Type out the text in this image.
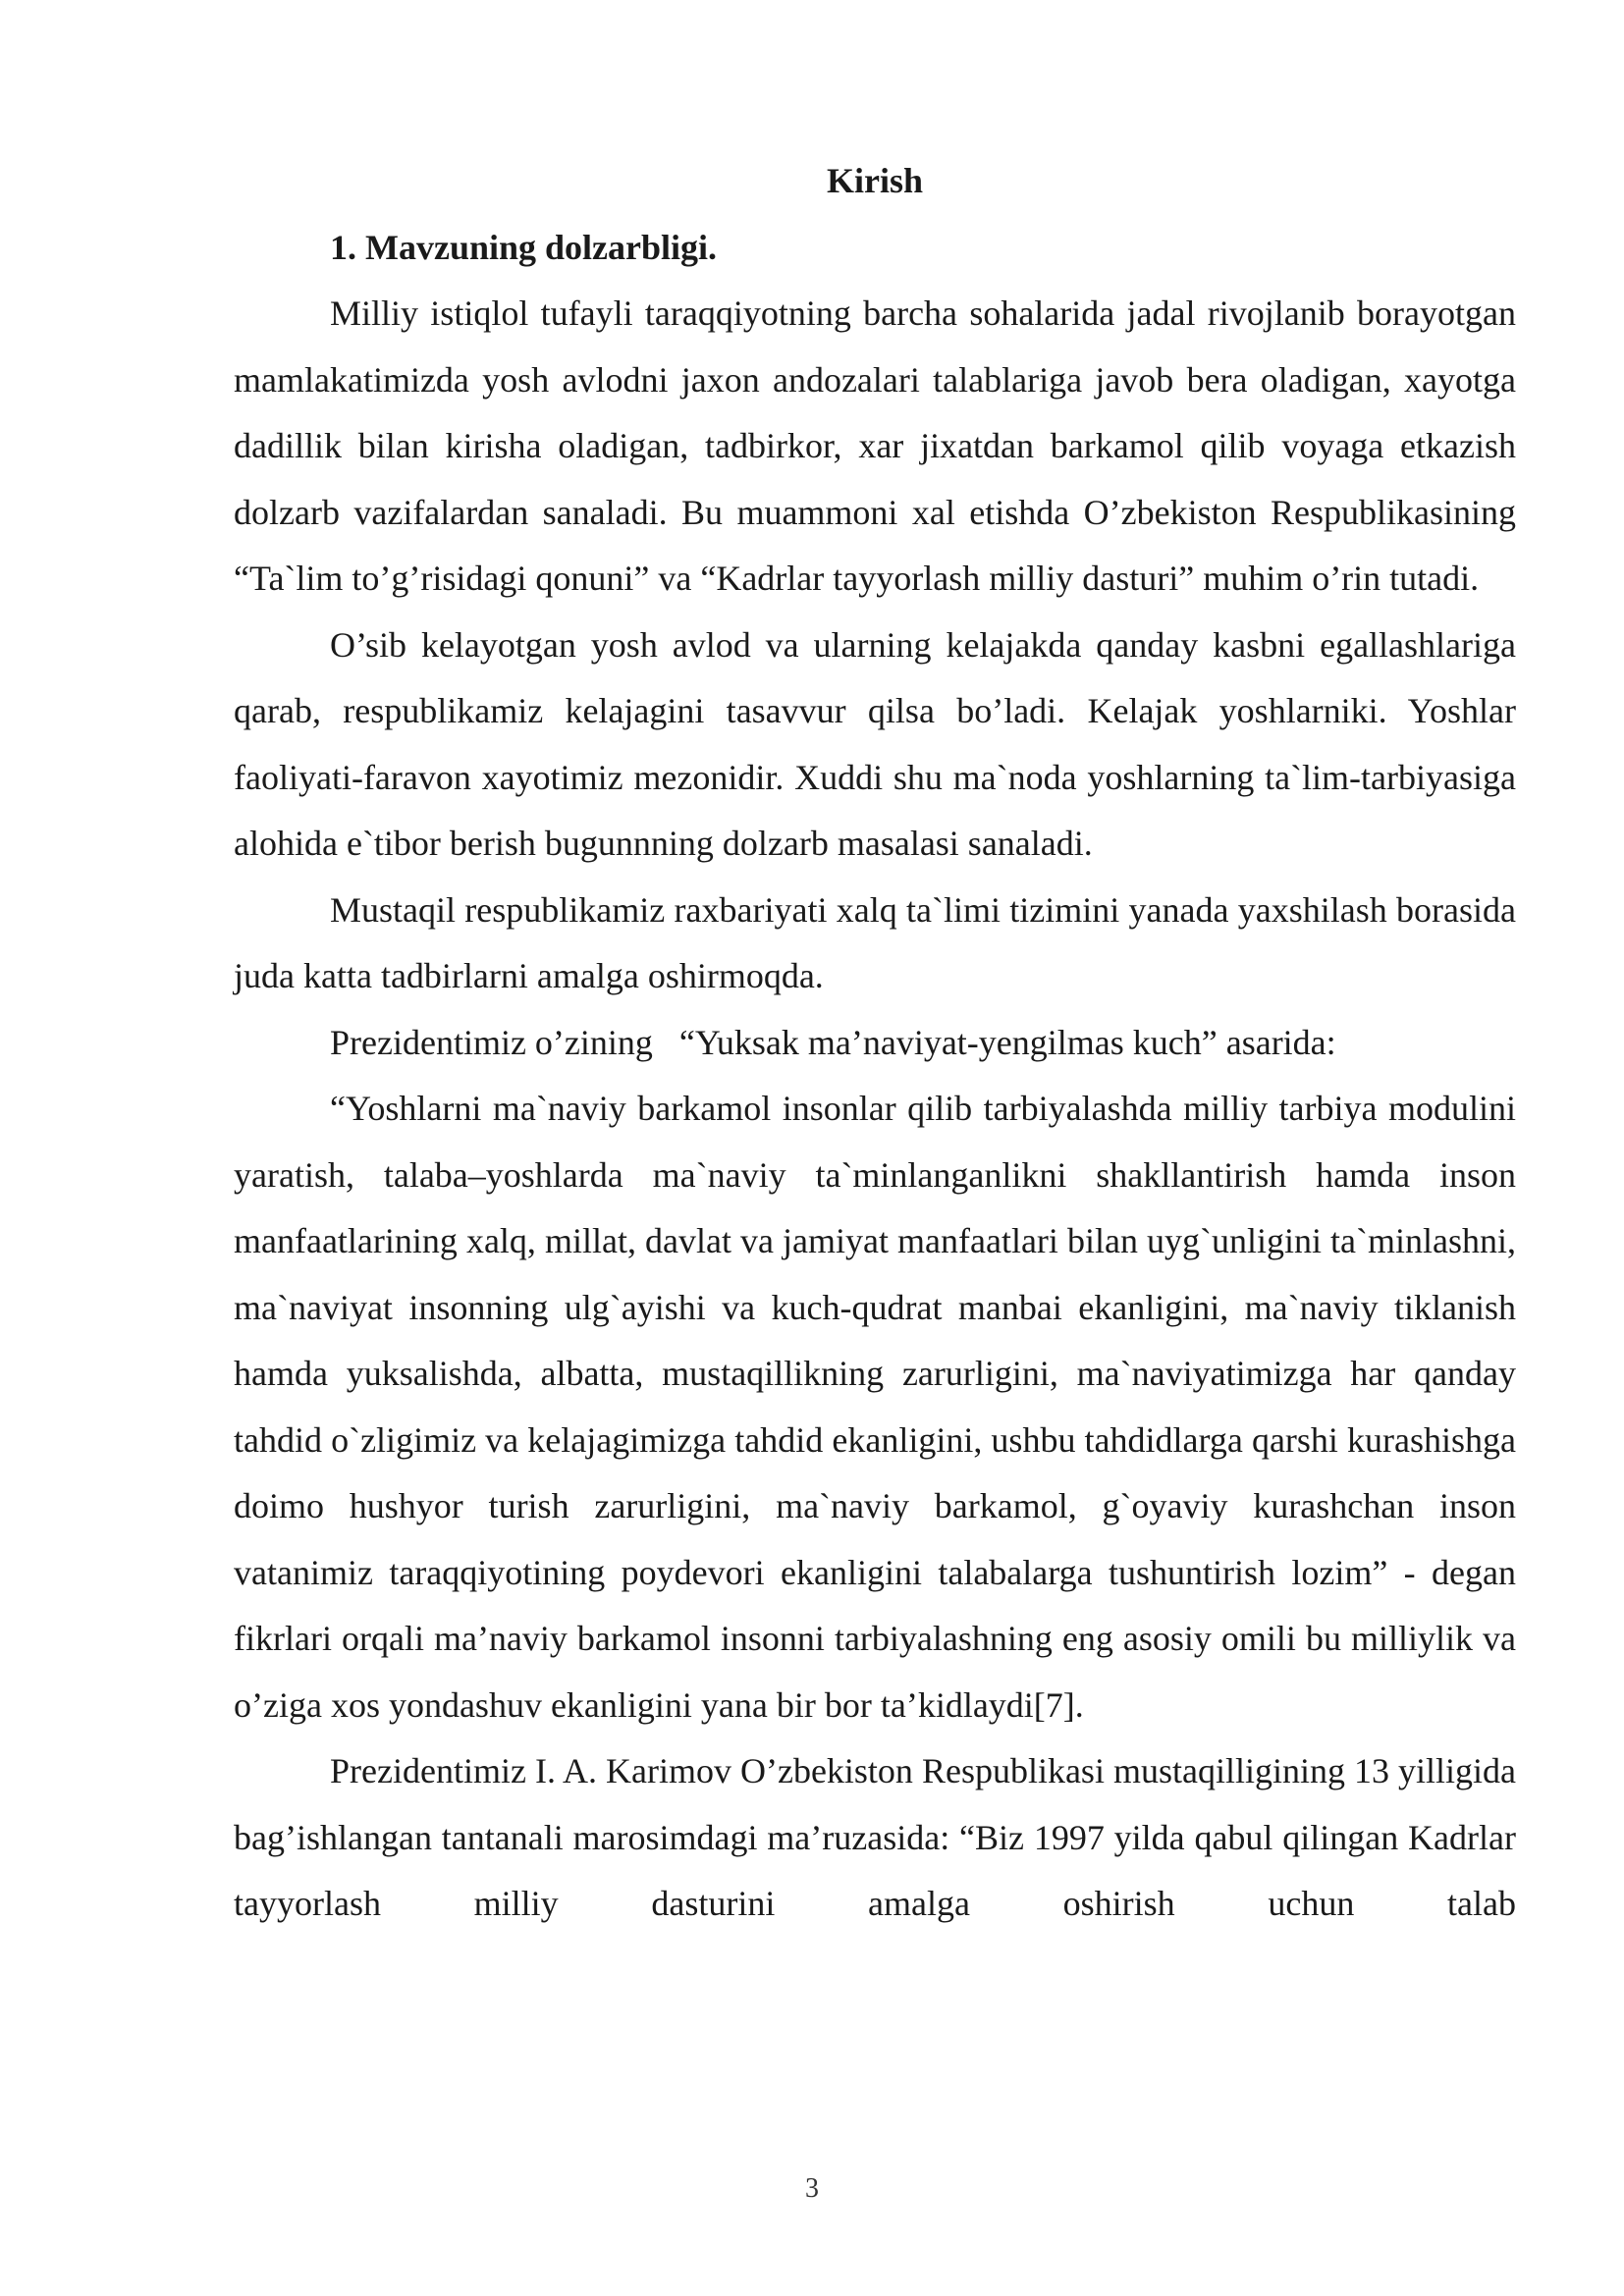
Kirish
1. Mavzuning dolzarbligi.

Milliy istiqlol tufayli taraqqiyotning barcha sohalarida jadal rivojlanib borayotgan mamlakatimizda yosh avlodni jaxon andozalari talablariga javob bera oladigan, xayotga dadillik bilan kirisha oladigan, tadbirkor, xar jixatdan barkamol qilib voyaga etkazish dolzarb vazifalardan sanaladi. Bu muammoni xal etishda O’zbekiston Respublikasining “Ta`lim to’g’risidagi qonuni” va “Kadrlar tayyorlash milliy dasturi” muhim o’rin tutadi.

O’sib kelayotgan yosh avlod va ularning kelajakda qanday kasbni egallashlariga qarab, respublikamiz kelajagini tasavvur qilsa bo’ladi. Kelajak yoshlarniki. Yoshlar faoliyati-faravon xayotimiz mezonidir. Xuddi shu ma`noda yoshlarning ta`lim-tarbiyasiga alohida e`tibor berish bugunnning dolzarb masalasi sanaladi.

Mustaqil respublikamiz raxbariyati xalq ta`limi tizimini yanada yaxshilash borasida juda katta tadbirlarni amalga oshirmoqda.

Prezidentimiz o’zining   “Yuksak ma’naviyat-yengilmas kuch” asarida:

“Yoshlarni ma`naviy barkamol insonlar qilib tarbiyalashda milliy tarbiya modulini yaratish, talaba–yoshlarda ma`naviy ta`minlanganlikni shakllantirish hamda inson manfaatlarining xalq, millat, davlat va jamiyat manfaatlari bilan uyg`unligini ta`minlashni, ma`naviyat insonning ulg`ayishi va kuch-qudrat manbai ekanligini, ma`naviy tiklanish hamda yuksalishda, albatta, mustaqillikning zarurligini, ma`naviyatimizga har qanday tahdid o`zligimiz va kelajagimizga tahdid ekanligini, ushbu tahdidlarga qarshi kurashishga doimo hushyor turish zarurligini, ma`naviy barkamol, g`oyaviy kurashchan inson vatanimiz taraqqiyotining poydevori ekanligini talabalarga tushuntirish lozim” - degan fikrlari orqali ma’naviy barkamol insonni tarbiyalashning eng asosiy omili bu milliylik va o’ziga xos yondashuv ekanligini yana bir bor ta’kidlaydi[7].

Prezidentimiz I. A. Karimov O’zbekiston Respublikasi mustaqilligining 13 yilligida bag’ishlangan tantanali marosimdagi ma’ruzasida: “Biz 1997 yilda qabul qilingan Kadrlar tayyorlash milliy dasturini amalga oshirish uchun talab

3
